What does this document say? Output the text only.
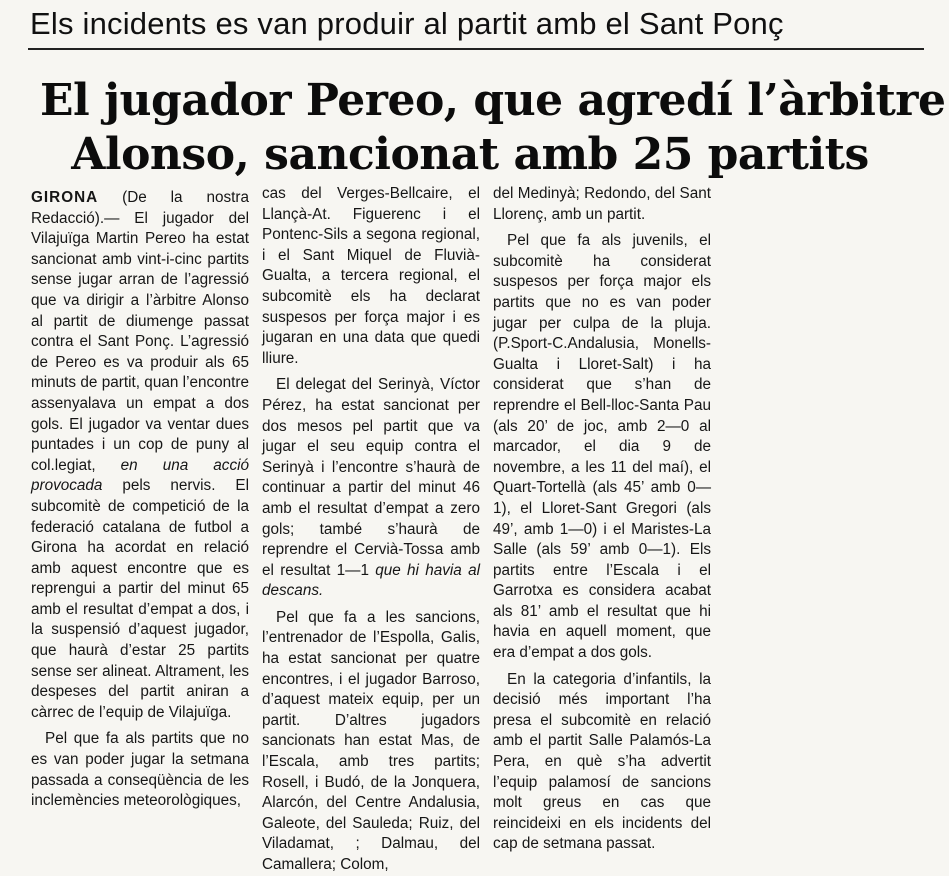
Els incidents es van produir al partit amb el Sant Ponç
El jugador Pereo, que agredí l’àrbitre
Alonso, sancionat amb 25 partits

GIRONA (De la nostra Redacció).— El jugador del Vilajuïga Martin Pereo ha estat sancionat amb vint-i-cinc partits sense jugar arran de l’agressió que va dirigir a l’àrbitre Alonso al partit de diumenge passat contra el Sant Ponç. L’agressió de Pereo es va produir als 65 minuts de partit, quan l’encontre assenyalava un empat a dos gols. El jugador va ventar dues puntades i un cop de puny al col.legiat, en una acció provocada pels nervis. El subcomitè de competició de la federació catalana de futbol a Girona ha acordat en relació amb aquest encontre que es reprengui a partir del minut 65 amb el resultat d’empat a dos, i la suspensió d’aquest jugador, que haurà d’estar 25 partits sense ser alineat. Altrament, les despeses del partit aniran a càrrec de l’equip de Vilajuïga.

Pel que fa als partits que no es van poder jugar la setmana passada a conseqüència de les inclemències meteorològiques,

cas del Verges-Bellcaire, el Llançà-At. Figuerenc i el Pontenc-Sils a segona regional, i el Sant Miquel de Fluvià-Gualta, a tercera regional, el subcomitè els ha declarat suspesos per força major i es jugaran en una data que quedi lliure.

El delegat del Serinyà, Víctor Pérez, ha estat sancionat per dos mesos pel partit que va jugar el seu equip contra el Serinyà i l’encontre s’haurà de continuar a partir del minut 46 amb el resultat d’empat a zero gols; també s’haurà de reprendre el Cervià-Tossa amb el resultat 1—1 que hi havia al descans.

Pel que fa a les sancions, l’entrenador de l’Espolla, Galis, ha estat sancionat per quatre encontres, i el jugador Barroso, d’aquest mateix equip, per un partit. D’altres jugadors sancionats han estat Mas, de l’Escala, amb tres partits; Rosell, i Budó, de la Jonquera, Alarcón, del Centre Andalusia, Galeote, del Sauleda; Ruiz, del Viladamat, ; Dalmau, del Camallera; Colom,

del Medinyà; Redondo, del Sant Llorenç, amb un partit.

Pel que fa als juvenils, el subcomitè ha considerat suspesos per força major els partits que no es van poder jugar per culpa de la pluja. (P.Sport-C.Andalusia, Monells-Gualta i Lloret-Salt) i ha considerat que s’han de reprendre el Bell-lloc-Santa Pau (als 20’ de joc, amb 2—0 al marcador, el dia 9 de novembre, a les 11 del maí), el Quart-Tortellà (als 45’ amb 0—1), el Lloret-Sant Gregori (als 49’, amb 1—0) i el Maristes-La Salle (als 59’ amb 0—1). Els partits entre l’Escala i el Garrotxa es considera acabat als 81’ amb el resultat que hi havia en aquell moment, que era d’empat a dos gols.

En la categoria d’infantils, la decisió més important l’ha presa el subcomitè en relació amb el partit Salle Palamós-La Pera, en què s’ha advertit l’equip palamosí de sancions molt greus en cas que reincideixi en els incidents del cap de setmana passat.
